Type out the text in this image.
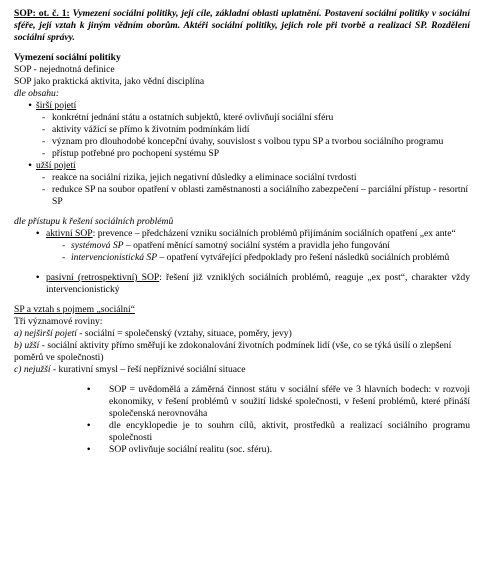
SOP: ot. č. 1: Vymezení sociální politiky, její cíle, základní oblasti uplatnění. Postavení sociální politiky v sociální sféře, její vztah k jiným vědním oborům. Aktéři sociální politiky, jejich role při tvorbě a realizaci SP. Rozdělení sociální správy.
Vymezení sociální politiky
SOP - nejednotná definice
SOP jako praktická aktivita, jako vědní disciplína
dle obsahu:
• širší pojetí
- konkrétní jednání státu a ostatních subjektů, které ovlivňují sociální sféru
- aktivity vážící se přímo k životním podmínkám lidí
- význam pro dlouhodobé koncepční úvahy, souvislost s volbou typu SP a tvorbou sociálního programu
- přístup potřebné pro pochopení systému SP
• užší pojetí
- reakce na sociální rizika, jejich negativní důsledky a eliminace sociální tvrdosti
- redukce SP na soubor opatření v oblasti zaměstnanosti a sociálního zabezpečení – parciální přístup - resortní SP
dle přístupu k řešení sociálních problémů
• aktivní SOP: prevence – předcházení vzniku sociálních problémů přijímáním sociálních opatření „ex ante“
- systémová SP – opatření měnící samotný sociální systém a pravidla jeho fungování
- intervencionistická SP – opatření vytvářející předpoklady pro řešení následků sociálních problémů
• pasivní (retrospektivní) SOP: řešení již vzniklých sociálních problémů, reaguje „ex post“, charakter vždy intervencionistický
SP a vztah s pojmem „sociální“
Tři významové roviny:
a) nejširší pojetí - sociální = společenský (vztahy, situace, poměry, jevy)
b) užší - sociální aktivity přímo směřují ke zdokonalování životních podmínek lidí (vše, co se týká úsilí o zlepšení poměrů ve společnosti)
c) nejužší - kurativní smysl – řeší nepříznivé sociální situace
• SOP = uvědomělá a záměrná činnost státu v sociální sféře ve 3 hlavních bodech: v rozvoji ekonomiky, v řešení problémů v soužití lidské společnosti, v řešení problémů, které přináší společenská nerovnováha
• dle encyklopedie je to souhrn cílů, aktivit, prostředků a realizací sociálního programu společnosti
• SOP ovlivňuje sociální realitu (soc. sféru).
